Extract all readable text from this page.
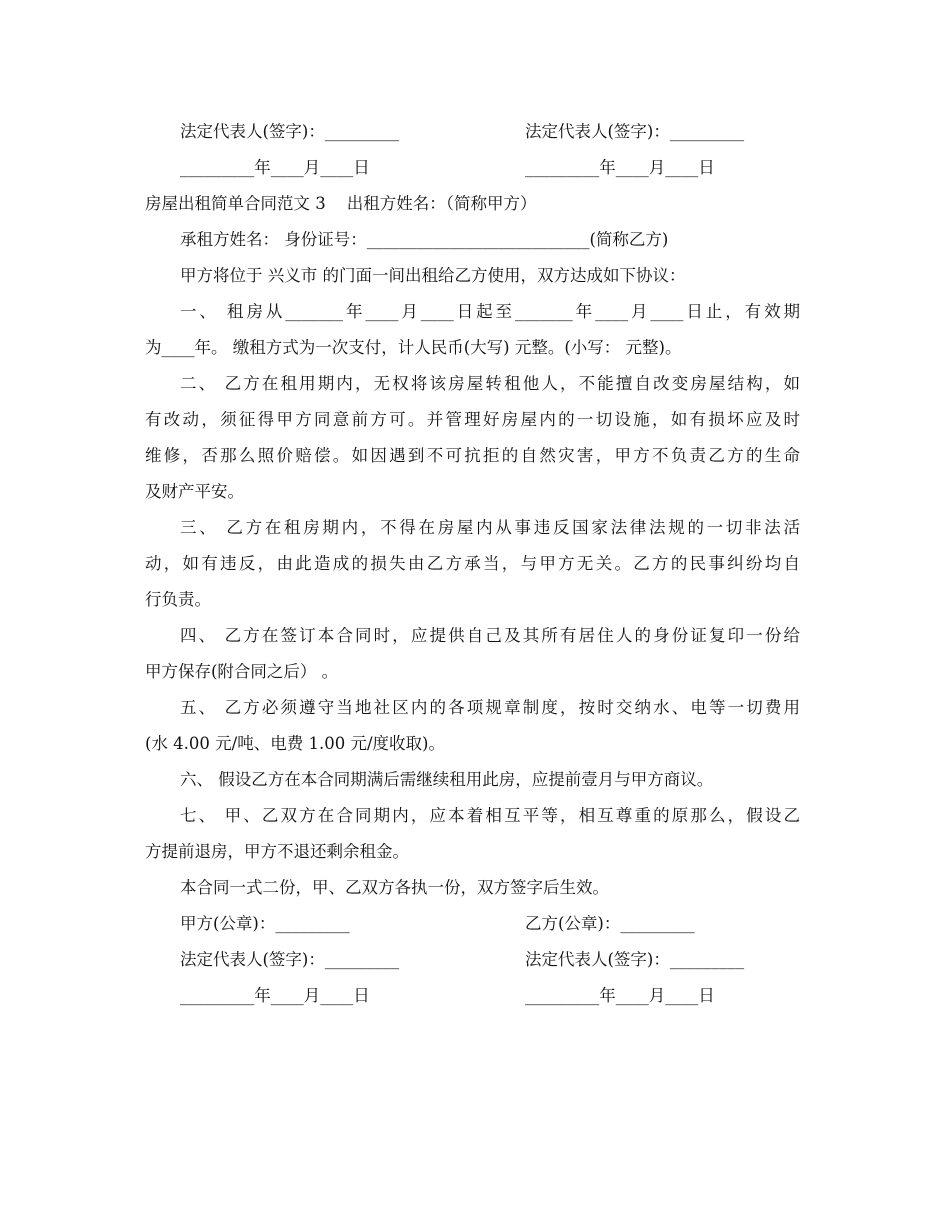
法定代表人(签字)：_________	法定代表人(签字)：_________
_________年____月____日	_________年____月____日
房屋出租简单合同范文 3    出租方姓名：（简称甲方）
承租方姓名： 身份证号：___________________________(简称乙方)
甲方将位于 兴义市 的门面一间出租给乙方使用，双方达成如下协议：
一、 租房从_______年____月____日起至_______年____月____日止，有效期
为____年。 缴租方式为一次支付，计人民币(大写) 元整。(小写： 元整)。
二、 乙方在租用期内，无权将该房屋转租他人，不能擅自改变房屋结构，如
有改动，须征得甲方同意前方可。并管理好房屋内的一切设施，如有损坏应及时
维修，否那么照价赔偿。如因遇到不可抗拒的自然灾害，甲方不负责乙方的生命
及财产平安。
三、 乙方在租房期内，不得在房屋内从事违反国家法律法规的一切非法活
动，如有违反，由此造成的损失由乙方承当，与甲方无关。乙方的民事纠纷均自
行负责。
四、 乙方在签订本合同时，应提供自己及其所有居住人的身份证复印一份给
甲方保存(附合同之后） 。
五、 乙方必须遵守当地社区内的各项规章制度，按时交纳水、电等一切费用
(水 4.00 元/吨、电费 1.00 元/度收取)。
六、 假设乙方在本合同期满后需继续租用此房，应提前壹月与甲方商议。
七、 甲、乙双方在合同期内，应本着相互平等，相互尊重的原那么，假设乙
方提前退房，甲方不退还剩余租金。
本合同一式二份，甲、乙双方各执一份，双方签字后生效。
甲方(公章)：_________	乙方(公章)：_________
法定代表人(签字)：_________	法定代表人(签字)：_________
_________年____月____日	_________年____月____日
